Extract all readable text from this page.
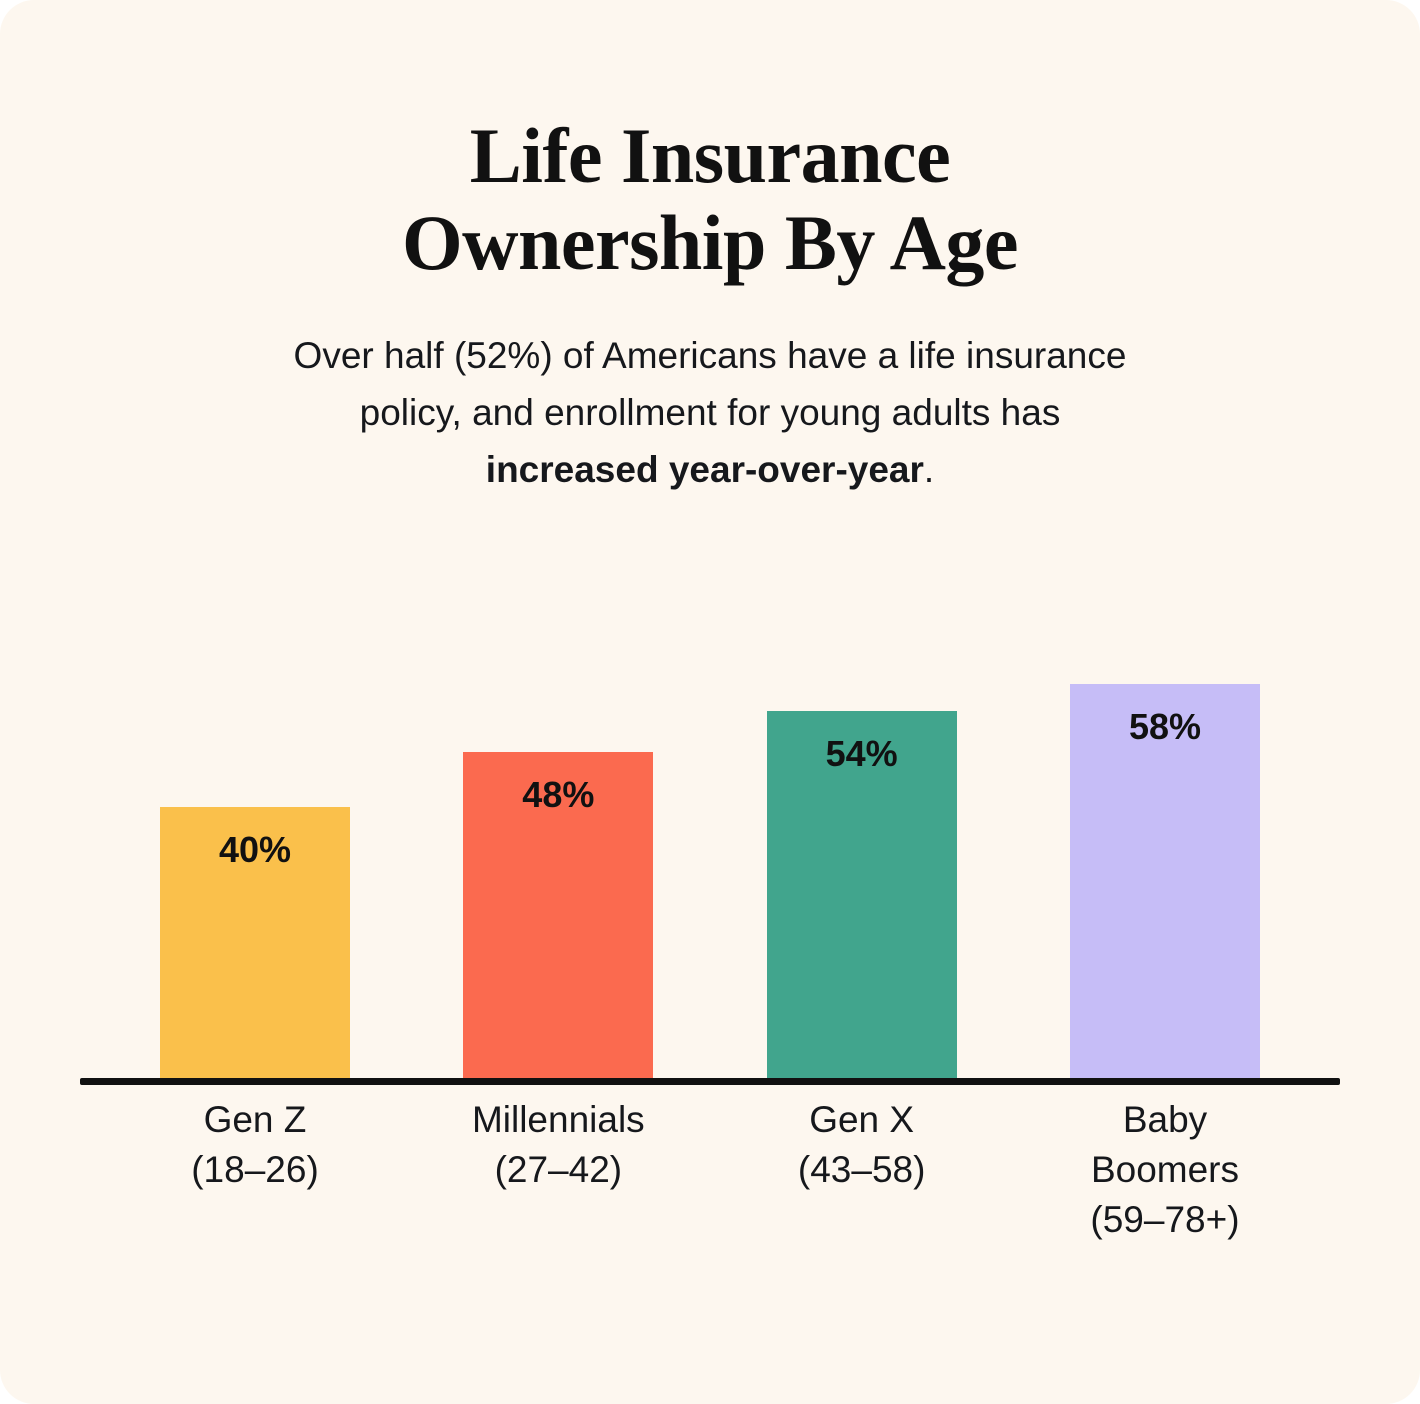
Life Insurance
Ownership By Age

Over half (52%) of Americans have a life insurance
policy, and enrollment for young adults has
increased year-over-year.

40%
48%
54%
58%
Gen Z
(18–26)
Millennials
(27–42)
Gen X
(43–58)
Baby Boomers
(59–78+)
